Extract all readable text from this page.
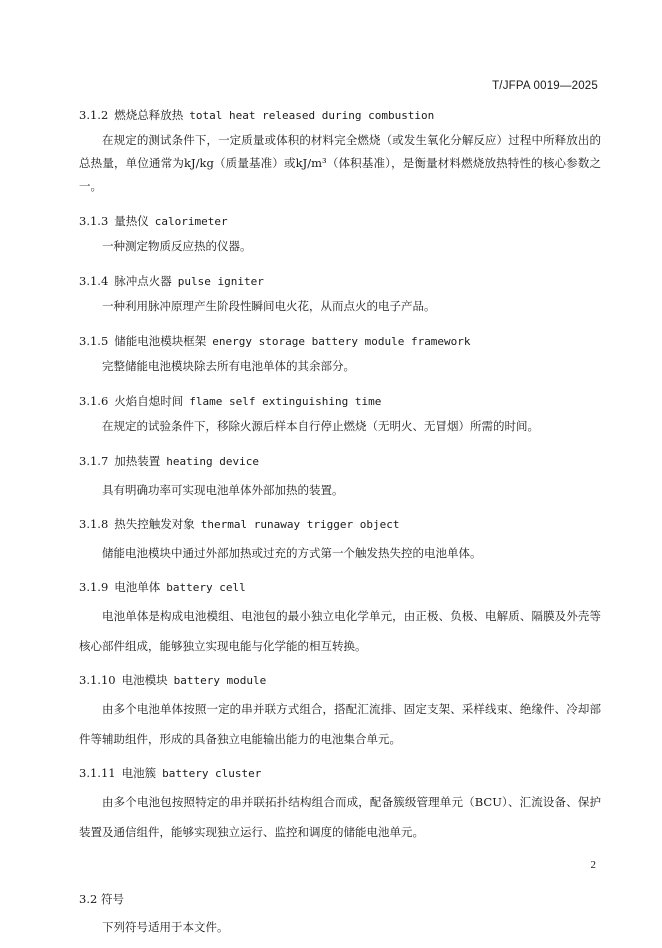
T/JFPA 0019—2025
3.1.2 燃烧总释放热 total heat released during combustion

在规定的测试条件下，一定质量或体积的材料完全燃烧（或发生氧化分解反应）过程中所释放出的总热量，单位通常为kJ/kg（质量基准）或kJ/m³（体积基准），是衡量材料燃烧放热特性的核心参数之一。

3.1.3 量热仪 calorimeter

一种测定物质反应热的仪器。

3.1.4 脉冲点火器 pulse igniter

一种利用脉冲原理产生阶段性瞬间电火花，从而点火的电子产品。

3.1.5 储能电池模块框架 energy storage battery module framework

完整储能电池模块除去所有电池单体的其余部分。

3.1.6 火焰自熄时间 flame self extinguishing time

在规定的试验条件下，移除火源后样本自行停止燃烧（无明火、无冒烟）所需的时间。

3.1.7 加热装置 heating device

具有明确功率可实现电池单体外部加热的装置。

3.1.8 热失控触发对象 thermal runaway trigger object

储能电池模块中通过外部加热或过充的方式第一个触发热失控的电池单体。

3.1.9 电池单体 battery cell

电池单体是构成电池模组、电池包的最小独立电化学单元，由正极、负极、电解质、隔膜及外壳等核心部件组成，能够独立实现电能与化学能的相互转换。

3.1.10 电池模块 battery module

由多个电池单体按照一定的串并联方式组合，搭配汇流排、固定支架、采样线束、绝缘件、冷却部件等辅助组件，形成的具备独立电能输出能力的电池集合单元。

3.1.11 电池簇 battery cluster

由多个电池包按照特定的串并联拓扑结构组合而成，配备簇级管理单元（BCU）、汇流设备、保护装置及通信组件，能够实现独立运行、监控和调度的储能电池单元。

3.2 符号

下列符号适用于本文件。

2
